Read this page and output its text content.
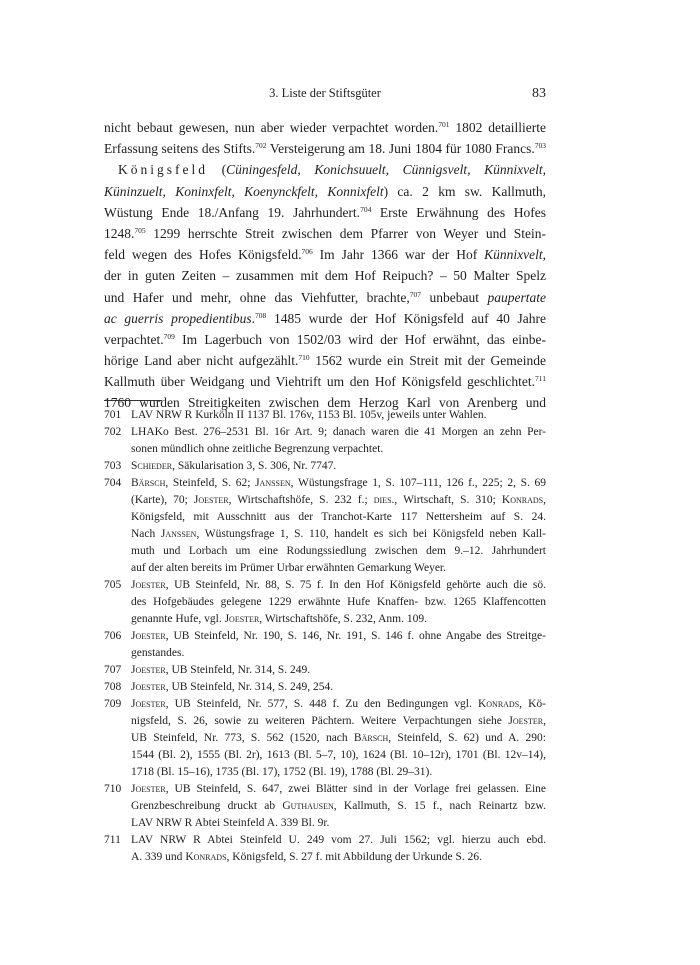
3. Liste der Stiftsgüter	83
nicht bebaut gewesen, nun aber wieder verpachtet worden.$^{701}$ 1802 detaillierte
Erfassung seitens des Stifts.$^{702}$ Versteigerung am 18. Juni 1804 für 1080 Francs.$^{703}$
Königsfeld (Cüningesfeld, Konichsuuelt, Cünnigsvelt, Künnixvelt,
Küninzuelt, Koninxfelt, Koenynckfelt, Konnixfelt) ca. 2 km sw. Kallmuth,
Wüstung Ende 18./Anfang 19. Jahrhundert.$^{704}$ Erste Erwähnung des Hofes
1248.$^{705}$ 1299 herrschte Streit zwischen dem Pfarrer von Weyer und Stein-
feld wegen des Hofes Königsfeld.$^{706}$ Im Jahr 1366 war der Hof Künnixvelt,
der in guten Zeiten – zusammen mit dem Hof Reipuch? – 50 Malter Spelz
und Hafer und mehr, ohne das Viehfutter, brachte,$^{707}$ unbebaut paupertate
ac guerris propedientibus.$^{708}$ 1485 wurde der Hof Königsfeld auf 40 Jahre
verpachtet.$^{709}$ Im Lagerbuch von 1502/03 wird der Hof erwähnt, das einbe-
hörige Land aber nicht aufgezählt.$^{710}$ 1562 wurde ein Streit mit der Gemeinde
Kallmuth über Weidgang und Viehtrift um den Hof Königsfeld geschlichtet.$^{711}$
1760 wurden Streitigkeiten zwischen dem Herzog Karl von Arenberg und
701 LAV NRW R Kurköln II 1137 Bl. 176v, 1153 Bl. 105v, jeweils unter Wahlen.
702 LHAKo Best. 276–2531 Bl. 16r Art. 9; danach waren die 41 Morgen an zehn Per-
sonen mündlich ohne zeitliche Begrenzung verpachtet.
703 Schieder, Säkularisation 3, S. 306, Nr. 7747.
704 Bärsch, Steinfeld, S. 62; Janssen, Wüstungsfrage 1, S. 107–111, 126 f., 225; 2, S. 69
(Karte), 70; Joester, Wirtschaftshöfe, S. 232 f.; dies., Wirtschaft, S. 310; Konrads,
Königsfeld, mit Ausschnitt aus der Tranchot-Karte 117 Nettersheim auf S. 24.
Nach Janssen, Wüstungsfrage 1, S. 110, handelt es sich bei Königsfeld neben Kall-
muth und Lorbach um eine Rodungssiedlung zwischen dem 9.–12. Jahrhundert
auf der alten bereits im Prümer Urbar erwähnten Gemarkung Weyer.
705 Joester, UB Steinfeld, Nr. 88, S. 75 f. In den Hof Königsfeld gehörte auch die sö.
des Hofgebäudes gelegene 1229 erwähnte Hufe Knaffen- bzw. 1265 Klaffencotten
genannte Hufe, vgl. Joester, Wirtschaftshöfe, S. 232, Anm. 109.
706 Joester, UB Steinfeld, Nr. 190, S. 146, Nr. 191, S. 146 f. ohne Angabe des Streitge-
genstandes.
707 Joester, UB Steinfeld, Nr. 314, S. 249.
708 Joester, UB Steinfeld, Nr. 314, S. 249, 254.
709 Joester, UB Steinfeld, Nr. 577, S. 448 f. Zu den Bedingungen vgl. Konrads, Kö-
nigsfeld, S. 26, sowie zu weiteren Pächtern. Weitere Verpachtungen siehe Joester,
UB Steinfeld, Nr. 773, S. 562 (1520, nach Bärsch, Steinfeld, S. 62) und A. 290:
1544 (Bl. 2), 1555 (Bl. 2r), 1613 (Bl. 5–7, 10), 1624 (Bl. 10–12r), 1701 (Bl. 12v–14),
1718 (Bl. 15–16), 1735 (Bl. 17), 1752 (Bl. 19), 1788 (Bl. 29–31).
710 Joester, UB Steinfeld, S. 647, zwei Blätter sind in der Vorlage frei gelassen. Eine
Grenzbeschreibung druckt ab Guthausen, Kallmuth, S. 15 f., nach Reinartz bzw.
LAV NRW R Abtei Steinfeld A. 339 Bl. 9r.
711 LAV NRW R Abtei Steinfeld U. 249 vom 27. Juli 1562; vgl. hierzu auch ebd.
A. 339 und Konrads, Königsfeld, S. 27 f. mit Abbildung der Urkunde S. 26.
